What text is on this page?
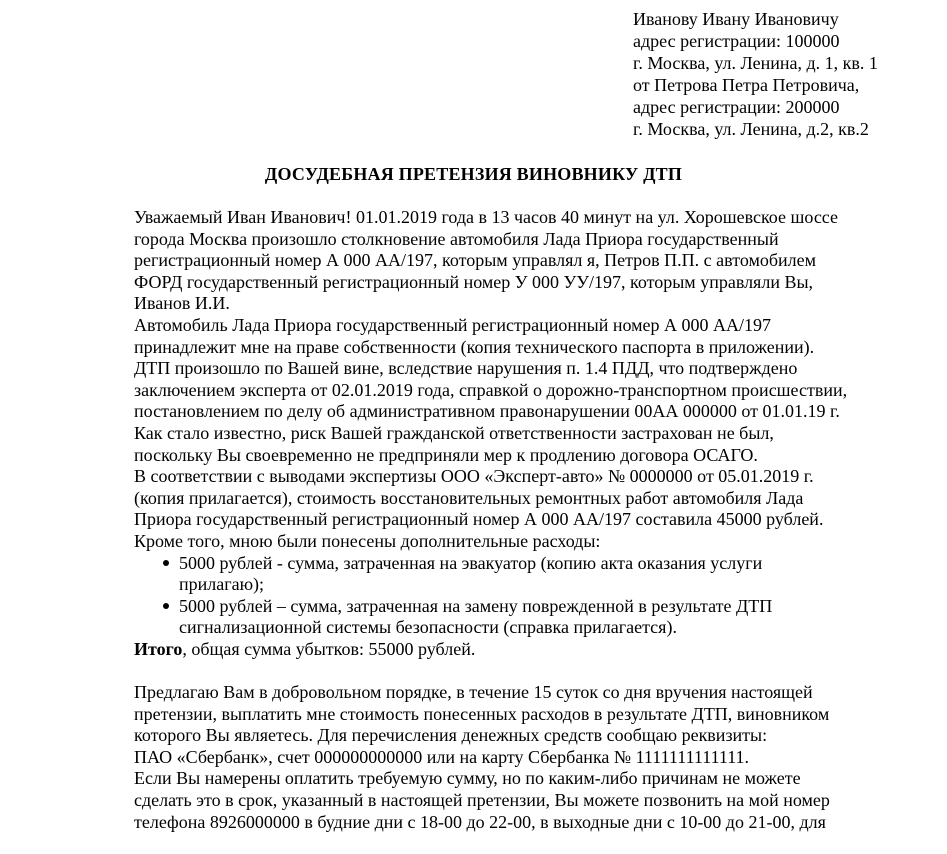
Иванову Ивану Ивановичу
адрес регистрации: 100000
г. Москва, ул. Ленина, д. 1, кв. 1
от Петрова Петра Петровича,
адрес регистрации: 200000
г. Москва, ул. Ленина, д.2, кв.2
ДОСУДЕБНАЯ ПРЕТЕНЗИЯ ВИНОВНИКУ ДТП
Уважаемый Иван Иванович! 01.01.2019 года в 13 часов 40 минут на ул. Хорошевское шоссе
города Москва произошло столкновение автомобиля Лада Приора государственный
регистрационный номер А 000 АА/197, которым управлял я, Петров П.П. с автомобилем
ФОРД государственный регистрационный номер У 000 УУ/197, которым управляли Вы,
Иванов И.И.
Автомобиль Лада Приора государственный регистрационный номер А 000 АА/197
принадлежит мне на праве собственности (копия технического паспорта в приложении).
ДТП произошло по Вашей вине, вследствие нарушения п. 1.4 ПДД, что подтверждено
заключением эксперта от 02.01.2019 года, справкой о дорожно-транспортном происшествии,
постановлением по делу об административном правонарушении 00АА 000000 от 01.01.19 г.
Как стало известно, риск Вашей гражданской ответственности застрахован не был,
поскольку Вы своевременно не предприняли мер к продлению договора ОСАГО.
В соответствии с выводами экспертизы ООО «Эксперт-авто» № 0000000 от 05.01.2019 г.
(копия прилагается), стоимость восстановительных ремонтных работ автомобиля Лада
Приора государственный регистрационный номер А 000 АА/197 составила 45000 рублей.
Кроме того, мною были понесены дополнительные расходы:
5000 рублей - сумма, затраченная на эвакуатор (копию акта оказания услуги
прилагаю);
5000 рублей – сумма, затраченная на замену поврежденной в результате ДТП
сигнализационной системы безопасности (справка прилагается).
Итого, общая сумма убытков: 55000 рублей.
Предлагаю Вам в добровольном порядке, в течение 15 суток со дня вручения настоящей
претензии, выплатить мне стоимость понесенных расходов в результате ДТП, виновником
которого Вы являетесь. Для перечисления денежных средств сообщаю реквизиты:
ПАО «Сбербанк», счет 000000000000 или на карту Сбербанка № 1111111111111.
Если Вы намерены оплатить требуемую сумму, но по каким-либо причинам не можете
сделать это в срок, указанный в настоящей претензии, Вы можете позвонить на мой номер
телефона 8926000000 в будние дни с 18-00 до 22-00, в выходные дни с 10-00 до 21-00, для
